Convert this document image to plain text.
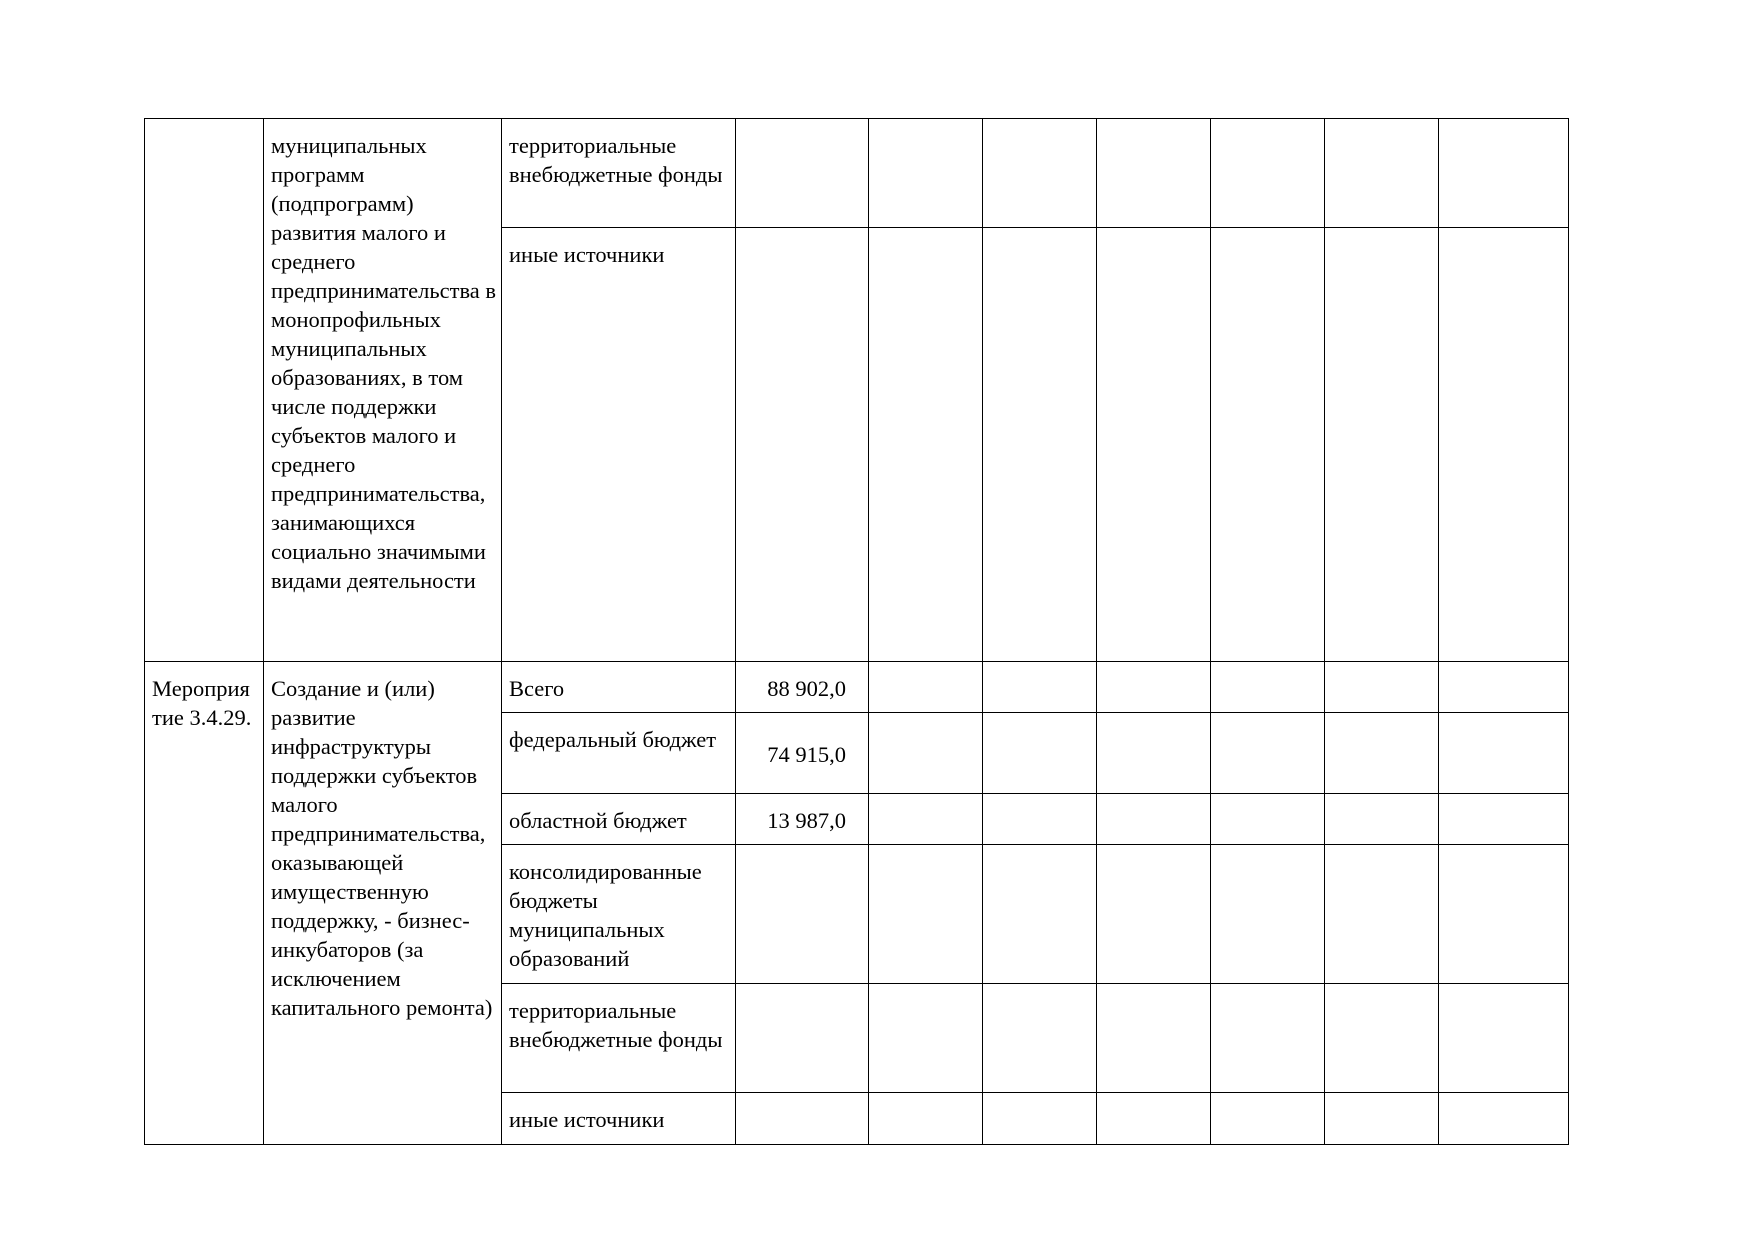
	муниципальных программ (подпрограмм) развития малого и среднего предпринимательства в монопрофильных муниципальных образованиях, в том числе поддержки субъектов малого и среднего предпринимательства, занимающихся социально значимыми видами деятельности	территориальные внебюджетные фонды							
		иные источники							
Мероприятие 3.4.29.	Создание и (или) развитие инфраструктуры поддержки субъектов малого предпринимательства, оказывающей имущественную поддержку, - бизнес-инкубаторов (за исключением капитального ремонта)	Всего	88 902,0						
		федеральный бюджет	74 915,0						
		областной бюджет	13 987,0						
		консолидированные бюджеты муниципальных образований							
		территориальные внебюджетные фонды							
		иные источники							
